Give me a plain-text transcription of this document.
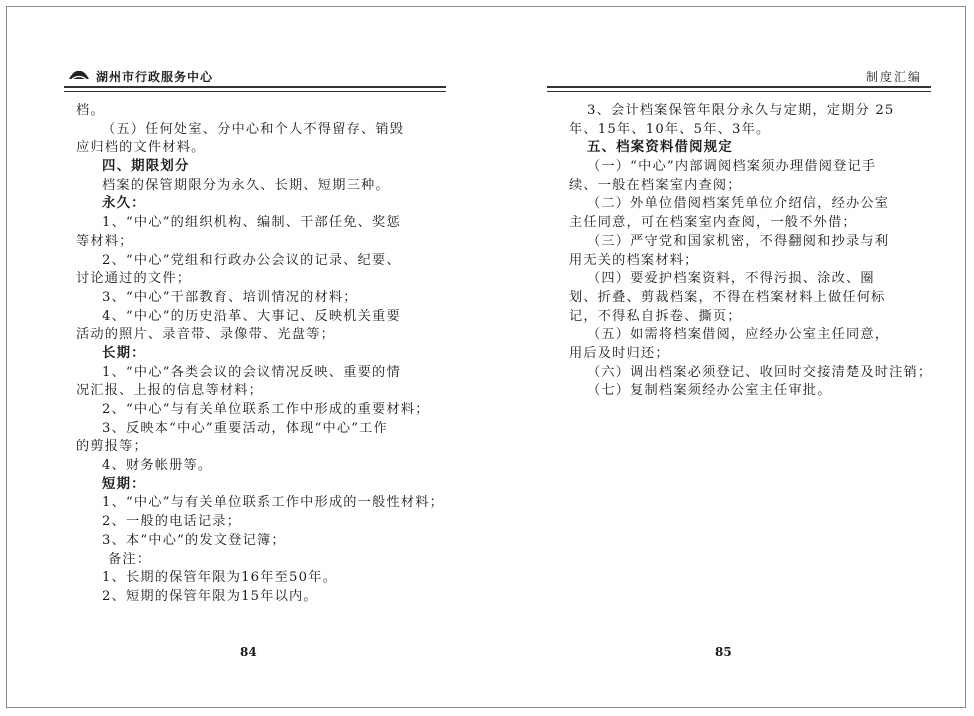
湖州市行政服务中心
档。
（五）任何处室、分中心和个人不得留存、销毁
应归档的文件材料。
四、期限划分
档案的保管期限分为永久、长期、短期三种。
永久：
1、“中心”的组织机构、编制、干部任免、奖惩
等材料；
2、“中心”党组和行政办公会议的记录、纪要、
讨论通过的文件；
3、“中心”干部教育、培训情况的材料；
4、“中心”的历史沿革、大事记、反映机关重要
活动的照片、录音带、录像带、光盘等；
长期：
1、“中心”各类会议的会议情况反映、重要的情
况汇报、上报的信息等材料；
2、“中心”与有关单位联系工作中形成的重要材料；
3、反映本“中心”重要活动，体现“中心”工作
的剪报等；
4、财务帐册等。
短期：
1、“中心”与有关单位联系工作中形成的一般性材料；
2、一般的电话记录；
3、本“中心”的发文登记簿；
备注：
1、长期的保管年限为16年至50年。
2、短期的保管年限为15年以内。
84
制度汇编
3、会计档案保管年限分永久与定期，定期分 25
年、15年、10年、5年、3年。
五、档案资料借阅规定
（一）“中心”内部调阅档案须办理借阅登记手
续、一般在档案室内查阅；
（二）外单位借阅档案凭单位介绍信，经办公室
主任同意，可在档案室内查阅，一般不外借；
（三）严守党和国家机密，不得翻阅和抄录与利
用无关的档案材料；
（四）要爱护档案资料，不得污损、涂改、圈
划、折叠、剪裁档案，不得在档案材料上做任何标
记，不得私自拆卷、撕页；
（五）如需将档案借阅，应经办公室主任同意，
用后及时归还；
（六）调出档案必须登记、收回时交接清楚及时注销；
（七）复制档案须经办公室主任审批。
85
